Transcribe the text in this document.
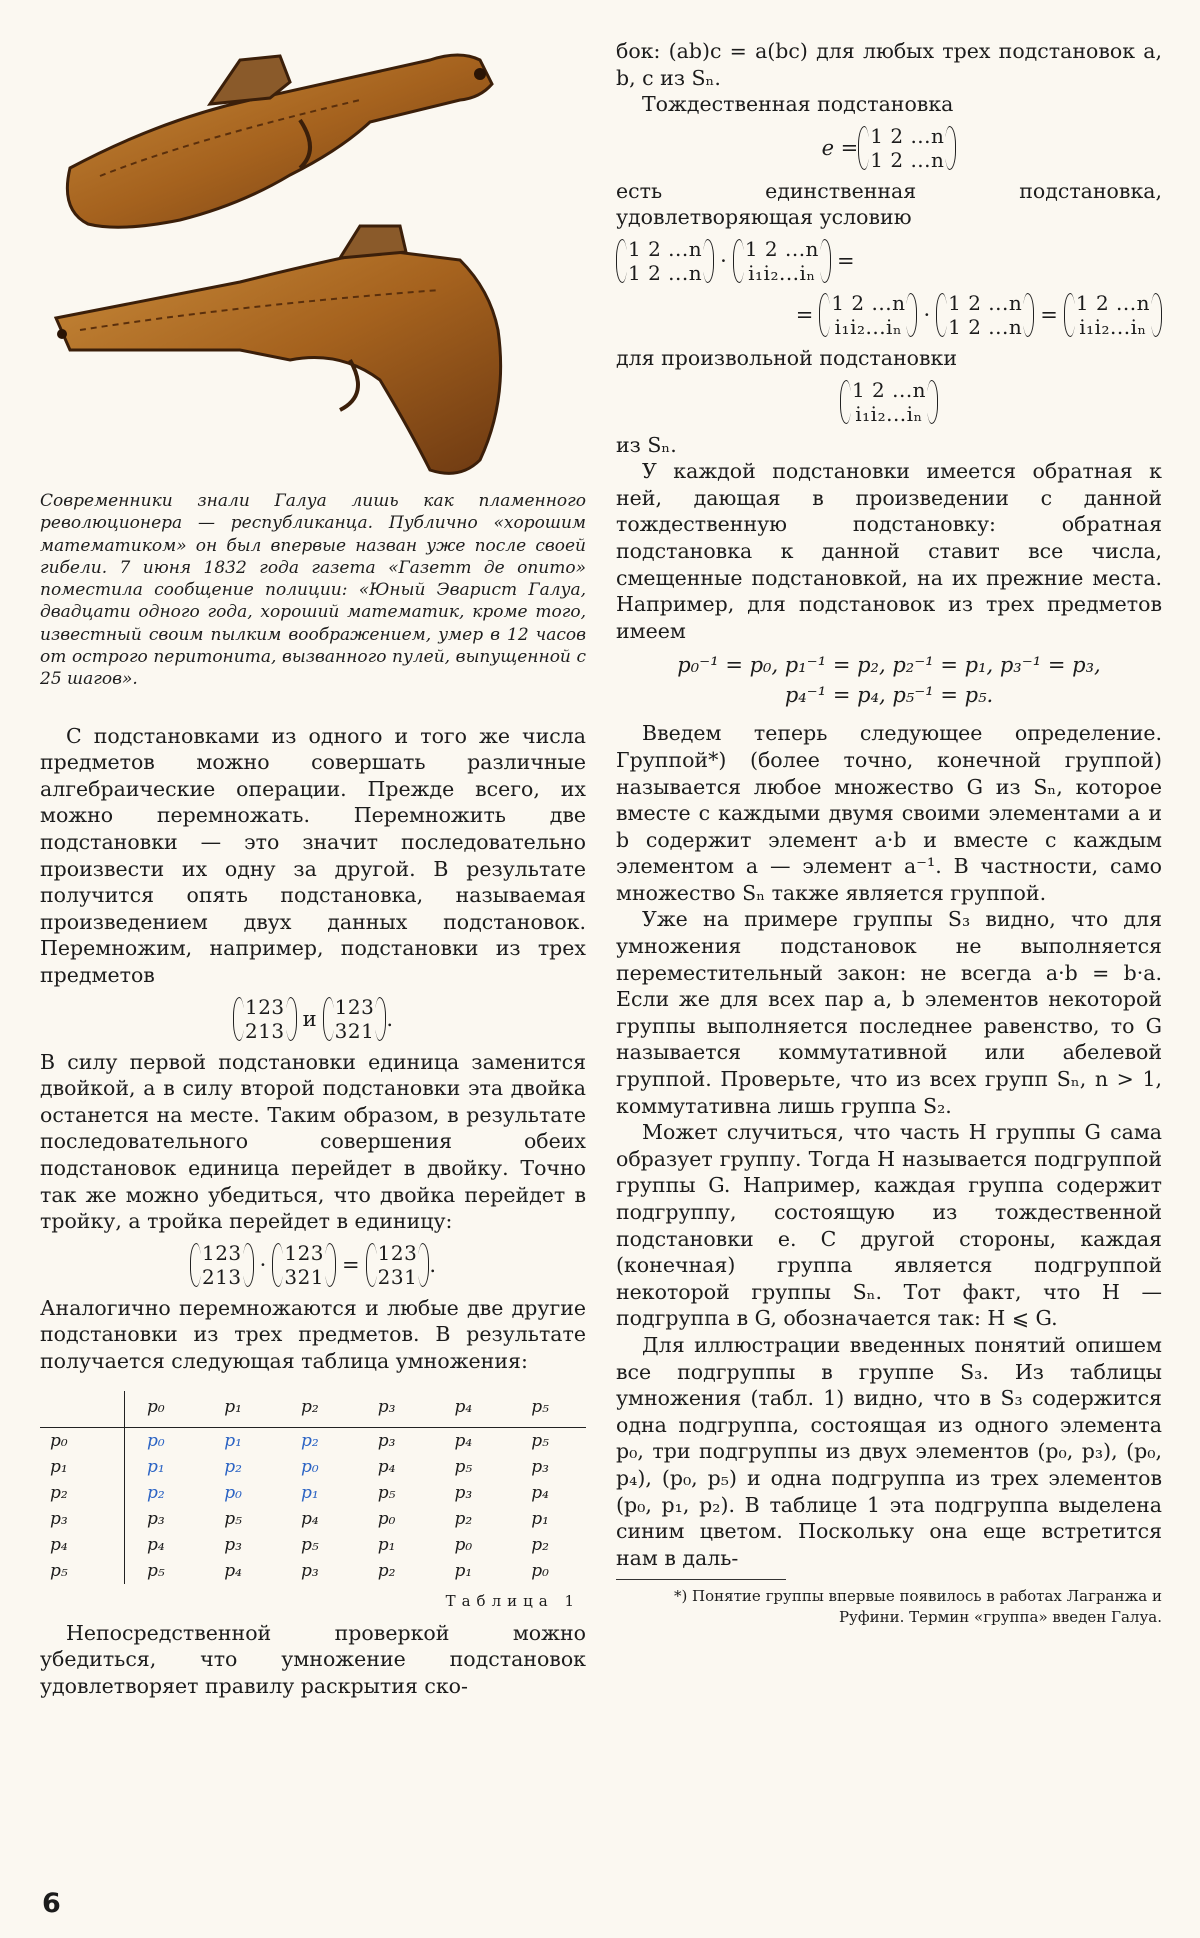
Современники знали Галуа лишь как пламенного революционера — республиканца. Публично «хорошим математиком» он был впервые назван уже после своей гибели. 7 июня 1832 года газета «Газетт де опито» поместила сообщение полиции: «Юный Эварист Галуа, двадцати одного года, хороший математик, кроме того, известный своим пылким воображением, умер в 12 часов от острого перитонита, вызванного пулей, выпущенной с 25 шагов».

С подстановками из одного и того же числа предметов можно совершать различные алгебраические операции. Прежде всего, их можно перемножать. Перемножить две подстановки — это значит последовательно произвести их одну за другой. В результате получится опять подстановка, называемая произведением двух данных подстановок. Перемножим, например, подстановки из трех предметов

123
213 и 123
321 .

В силу первой подстановки единица заменится двойкой, а в силу второй подстановки эта двойка останется на месте. Таким образом, в результате последовательного совершения обеих подстановок единица перейдет в двойку. Точно так же можно убедиться, что двойка перейдет в тройку, а тройка перейдет в единицу:

123
213 · 123
321 = 123
231 .

Аналогично перемножаются и любые две другие подстановки из трех предметов. В результате получается следующая таблица умножения:

	p₀	p₁	p₂	p₃	p₄	p₅
p₀	p₀	p₁	p₂	p₃	p₄	p₅
p₁	p₁	p₂	p₀	p₄	p₅	p₃
p₂	p₂	p₀	p₁	p₅	p₃	p₄
p₃	p₃	p₅	p₄	p₀	p₂	p₁
p₄	p₄	p₃	p₅	p₁	p₀	p₂
p₅	p₅	p₄	p₃	p₂	p₁	p₀
Таблица 1

Непосредственной проверкой можно убедиться, что умножение подстановок удовлетворяет правилу раскрытия ско-

бок: (ab)c = a(bc) для любых трех подстановок a, b, c из Sₙ.

Тождественная подстановка

e = 1 2 ...n
1 2 ...n

есть единственная подстановка, удовлетворяющая условию

1 2 ...n
1 2 ...n · 1 2 ...n
i₁i₂...iₙ =
= 1 2 ...n
i₁i₂...iₙ · 1 2 ...n
1 2 ...n = 1 2 ...n
i₁i₂...iₙ

для произвольной подстановки

1 2 ...n
i₁i₂...iₙ

из Sₙ.

У каждой подстановки имеется обратная к ней, дающая в произведении с данной тождественную подстановку: обратная подстановка к данной ставит все числа, смещенные подстановкой, на их прежние места. Например, для подстановок из трех предметов имеем

p₀⁻¹ = p₀, p₁⁻¹ = p₂, p₂⁻¹ = p₁, p₃⁻¹ = p₃,
p₄⁻¹ = p₄, p₅⁻¹ = p₅.

Введем теперь следующее определение. Группой*) (более точно, конечной группой) называется любое множество G из Sₙ, которое вместе с каждыми двумя своими элементами a и b содержит элемент a·b и вместе с каждым элементом a — элемент a⁻¹. В частности, само множество Sₙ также является группой.

Уже на примере группы S₃ видно, что для умножения подстановок не выполняется переместительный закон: не всегда a·b = b·a. Если же для всех пар a, b элементов некоторой группы выполняется последнее равенство, то G называется коммутативной или абелевой группой. Проверьте, что из всех групп Sₙ, n > 1, коммутативна лишь группа S₂.

Может случиться, что часть H группы G сама образует группу. Тогда H называется подгруппой группы G. Например, каждая группа содержит подгруппу, состоящую из тождественной подстановки e. С другой стороны, каждая (конечная) группа является подгруппой некоторой группы Sₙ. Тот факт, что H — подгруппа в G, обозначается так: H ⩽ G.

Для иллюстрации введенных понятий опишем все подгруппы в группе S₃. Из таблицы умножения (табл. 1) видно, что в S₃ содержится одна подгруппа, состоящая из одного элемента p₀, три подгруппы из двух элементов (p₀, p₃), (p₀, p₄), (p₀, p₅) и одна подгруппа из трех элементов (p₀, p₁, p₂). В таблице 1 эта подгруппа выделена синим цветом. Поскольку она еще встретится нам в даль-

*) Понятие группы впервые появилось в работах Лагранжа и Руфини. Термин «группа» введен Галуа.

6
